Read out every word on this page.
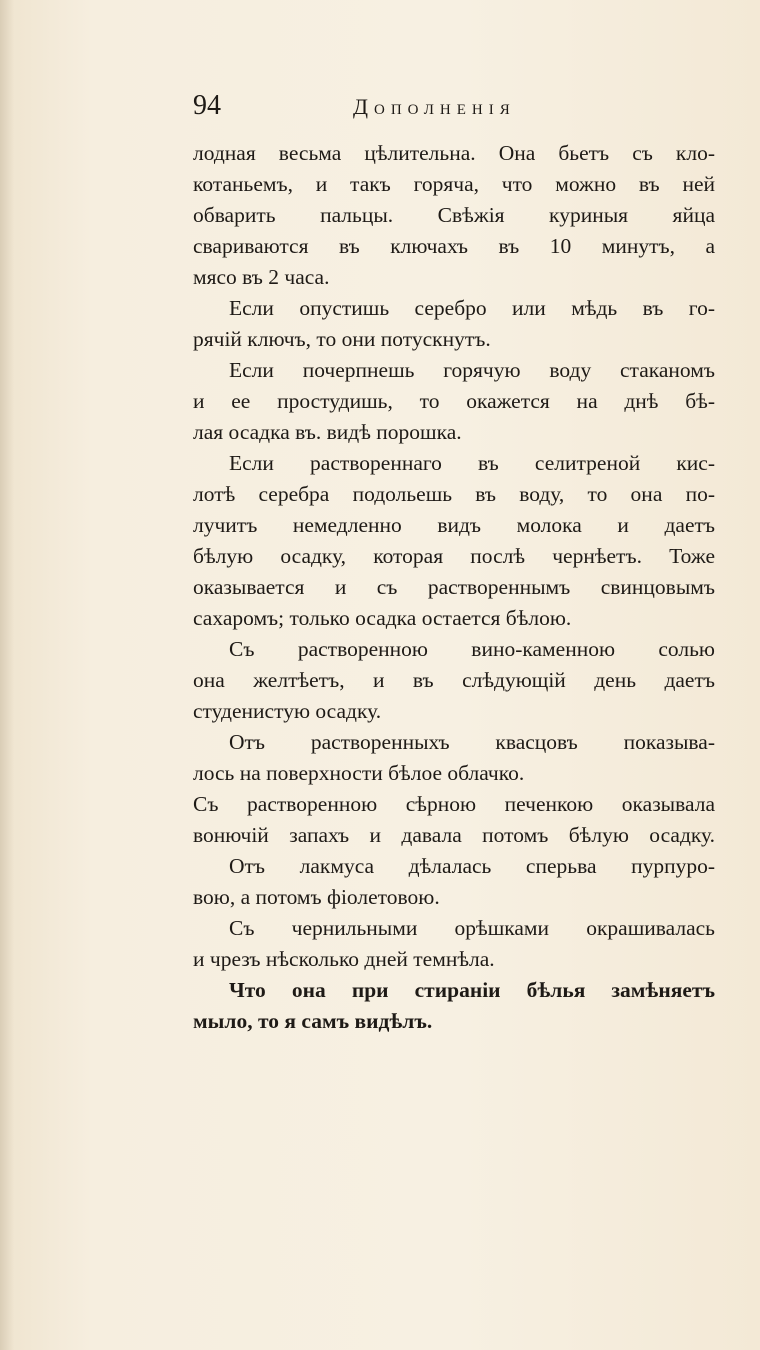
94	Дополненія

лодная весьма цѣлительна. Она бьетъ съ кло-
котаньемъ, и такъ горяча, что можно въ ней
обварить пальцы. Свѣжія куриныя яйца
свариваются въ ключахъ въ 10 минутъ, а
мясо въ 2 часа.

Если опустишь серебро или мѣдь въ го-
рячій ключъ, то они потускнутъ.

Если почерпнешь горячую воду стаканомъ
и ее простудишь, то окажется на днѣ бѣ-
лая осадка въ. видѣ порошка.

Если раствореннаго въ селитреной кис-
лотѣ серебра подольешь въ воду, то она по-
лучитъ немедленно видъ молока и даетъ
бѣлую осадку, которая послѣ чернѣетъ. Тоже
оказывается и съ раствореннымъ свинцовымъ
сахаромъ; только осадка остается бѣлою.

Съ растворенною вино-каменною солью
она желтѣетъ, и въ слѣдующій день даетъ
студенистую осадку.

Отъ растворенныхъ квасцовъ показыва-
лось на поверхности бѣлое облачко.

Съ растворенною сѣрною печенкою оказывала
вонючій запахъ и давала потомъ бѣлую осадку.

Отъ лакмуса дѣлалась сперьва пурпуро-
вою, а потомъ фіолетовою.

Съ чернильными орѣшками окрашивалась
и чрезъ нѣсколько дней темнѣла.

Что она при стираніи бѣлья замѣняетъ
мыло, то я самъ видѣлъ.
